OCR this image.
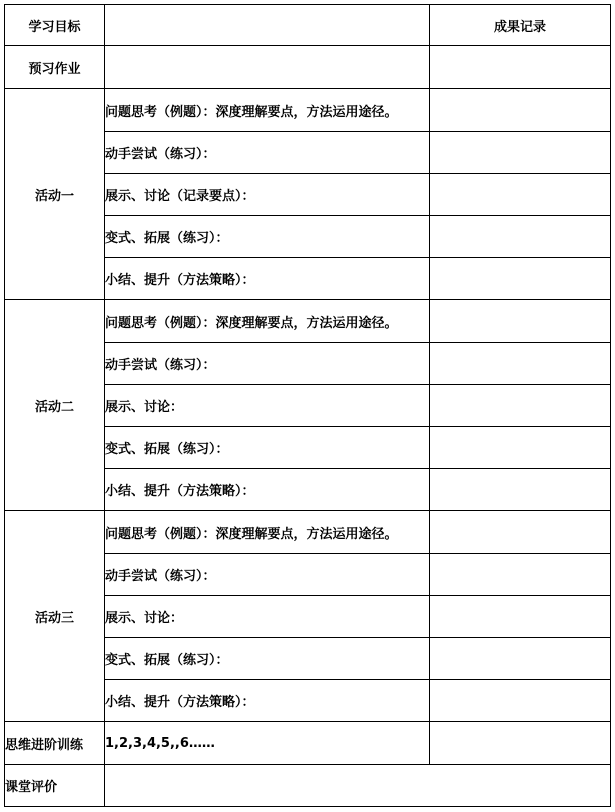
学习目标		成果记录
预习作业		
活动一	问题思考（例题）：深度理解要点，方法运用途径。	
	动手尝试（练习）：	
	展示、讨论（记录要点）：	
	变式、拓展（练习）：	
	小结、提升（方法策略）：	
活动二	问题思考（例题）：深度理解要点，方法运用途径。	
	动手尝试（练习）：	
	展示、讨论：	
	变式、拓展（练习）：	
	小结、提升（方法策略）：	
活动三	问题思考（例题）：深度理解要点，方法运用途径。	
	动手尝试（练习）：	
	展示、讨论：	
	变式、拓展（练习）：	
	小结、提升（方法策略）：	
思维进阶训练	1,2,3,4,5,,6……	
课堂评价		
